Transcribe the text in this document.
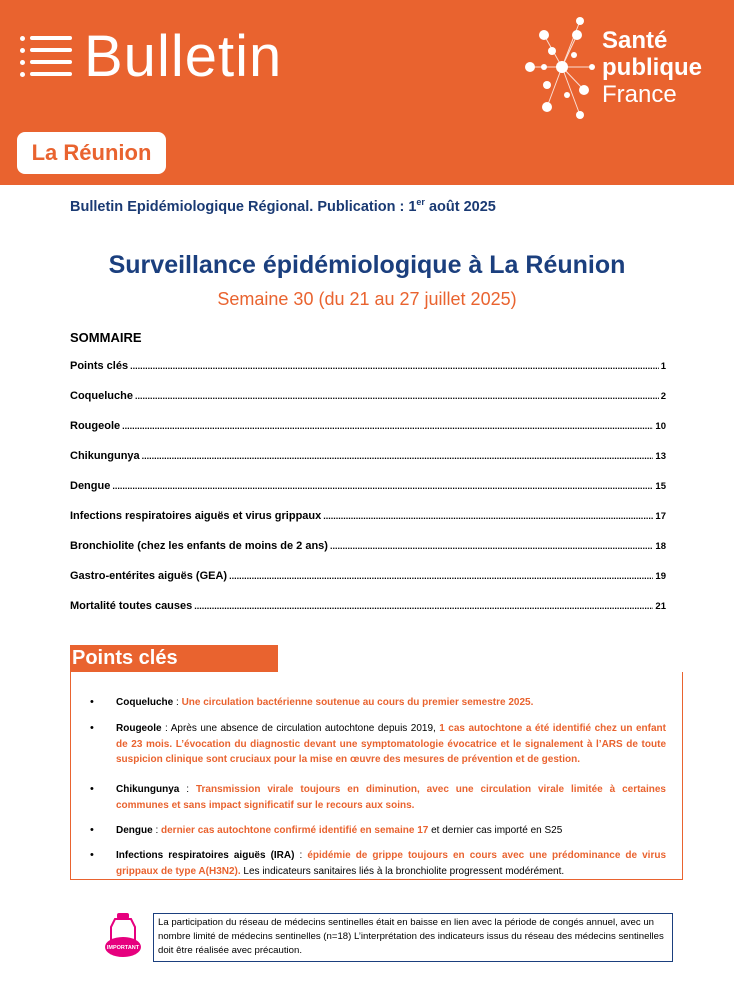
Bulletin	Santé
publique
France
La Réunion
Bulletin Epidémiologique Régional. Publication : 1er août 2025
Surveillance épidémiologique à La Réunion
Semaine 30 (du 21 au 27 juillet 2025)
SOMMAIRE
Points clés .....	1
Coqueluche .....	2
Rougeole .....	10
Chikungunya .....	13
Dengue .....	15
Infections respiratoires aiguës et virus grippaux .....	17
Bronchiolite (chez les enfants de moins de 2 ans) .....	18
Gastro-entérites aiguës (GEA) .....	19
Mortalité toutes causes .....	21
Points clés
• Coqueluche : Une circulation bactérienne soutenue au cours du premier semestre 2025.
• Rougeole : Après une absence de circulation autochtone depuis 2019, 1 cas autochtone a été identifié chez un enfant de 23 mois. L’évocation du diagnostic devant une symptomatologie évocatrice et le signalement à l’ARS de toute suspicion clinique sont cruciaux pour la mise en œuvre des mesures de prévention et de gestion.
• Chikungunya : Transmission virale toujours en diminution, avec une circulation virale limitée à certaines communes et sans impact significatif sur le recours aux soins.
• Dengue : dernier cas autochtone confirmé identifié en semaine 17 et dernier cas importé en S25
• Infections respiratoires aiguës (IRA) : épidémie de grippe toujours en cours avec une prédominance de virus grippaux de type A(H3N2). Les indicateurs sanitaires liés à la bronchiolite progressent modérément.
IMPORTANT
La participation du réseau de médecins sentinelles était en baisse en lien avec la période de congés annuel, avec un nombre limité de médecins sentinelles (n=18) L’interprétation des indicateurs issus du réseau des médecins sentinelles doit être réalisée avec précaution.
